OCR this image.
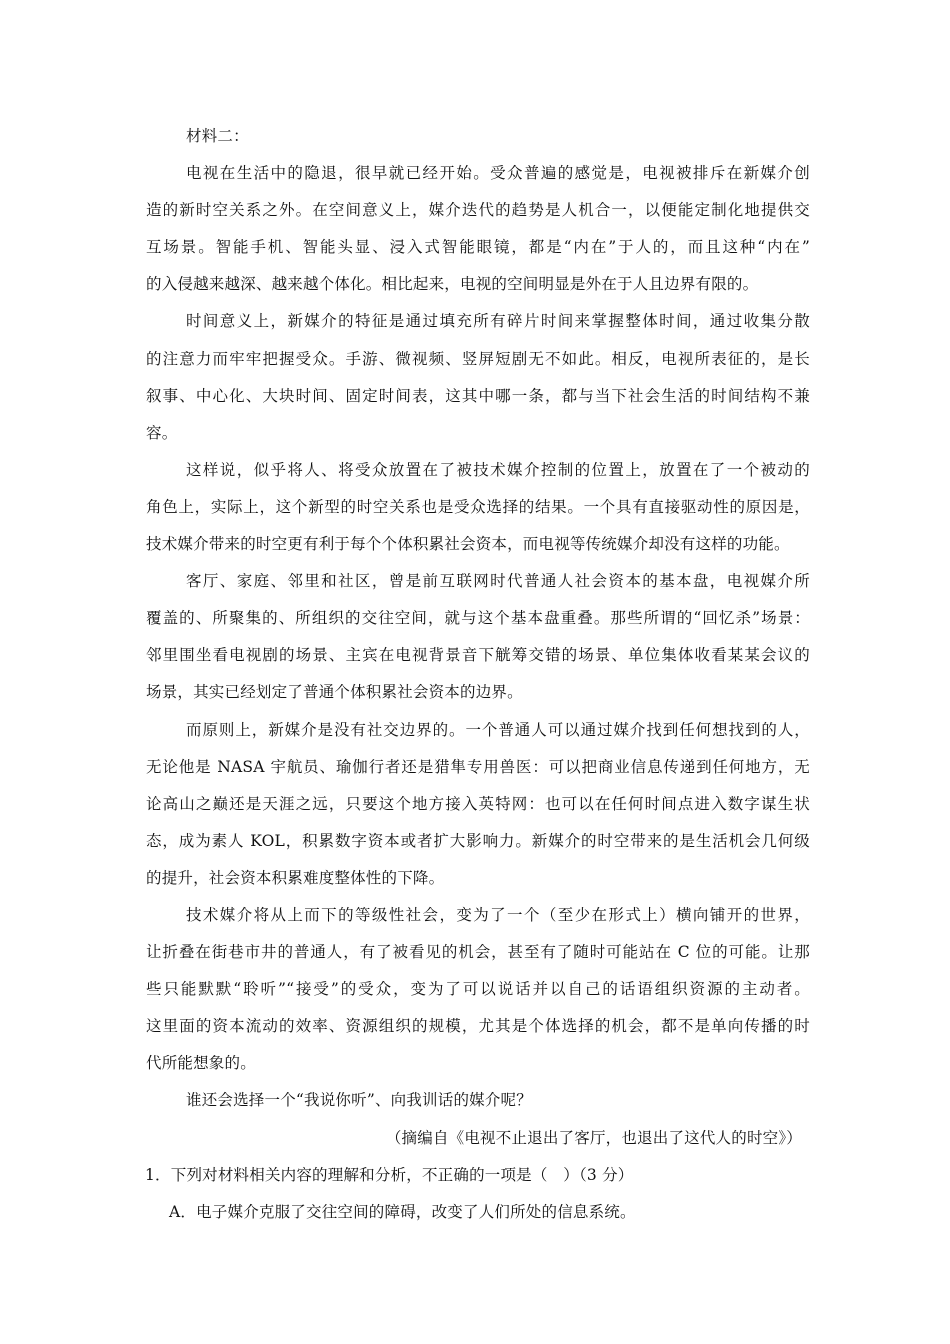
材料二：
电视在生活中的隐退，很早就已经开始。受众普遍的感觉是，电视被排斥在新媒介创
造的新时空关系之外。在空间意义上，媒介迭代的趋势是人机合一，以便能定制化地提供交
互场景。智能手机、智能头显、浸入式智能眼镜，都是“内在”于人的，而且这种“内在”
的入侵越来越深、越来越个体化。相比起来，电视的空间明显是外在于人且边界有限的。
时间意义上，新媒介的特征是通过填充所有碎片时间来掌握整体时间，通过收集分散
的注意力而牢牢把握受众。手游、微视频、竖屏短剧无不如此。相反，电视所表征的，是长
叙事、中心化、大块时间、固定时间表，这其中哪一条，都与当下社会生活的时间结构不兼
容。
这样说，似乎将人、将受众放置在了被技术媒介控制的位置上，放置在了一个被动的
角色上，实际上，这个新型的时空关系也是受众选择的结果。一个具有直接驱动性的原因是，
技术媒介带来的时空更有利于每个个体积累社会资本，而电视等传统媒介却没有这样的功能。
客厅、家庭、邻里和社区，曾是前互联网时代普通人社会资本的基本盘，电视媒介所
覆盖的、所聚集的、所组织的交往空间，就与这个基本盘重叠。那些所谓的“回忆杀”场景：
邻里围坐看电视剧的场景、主宾在电视背景音下觥筹交错的场景、单位集体收看某某会议的
场景，其实已经划定了普通个体积累社会资本的边界。
而原则上，新媒介是没有社交边界的。一个普通人可以通过媒介找到任何想找到的人，
无论他是 NASA 宇航员、瑜伽行者还是猎隼专用兽医：可以把商业信息传递到任何地方，无
论高山之巅还是天涯之远，只要这个地方接入英特网：也可以在任何时间点进入数字谋生状
态，成为素人 KOL，积累数字资本或者扩大影响力。新媒介的时空带来的是生活机会几何级
的提升，社会资本积累难度整体性的下降。
技术媒介将从上而下的等级性社会，变为了一个（至少在形式上）横向铺开的世界，
让折叠在街巷市井的普通人，有了被看见的机会，甚至有了随时可能站在 C 位的可能。让那
些只能默默“聆听”“接受”的受众，变为了可以说话并以自己的话语组织资源的主动者。
这里面的资本流动的效率、资源组织的规模，尤其是个体选择的机会，都不是单向传播的时
代所能想象的。
谁还会选择一个“我说你听”、向我训话的媒介呢？
（摘编自《电视不止退出了客厅，也退出了这代人的时空》）
1．下列对材料相关内容的理解和分析，不正确的一项是（　）（3 分）
A．电子媒介克服了交往空间的障碍，改变了人们所处的信息系统。
